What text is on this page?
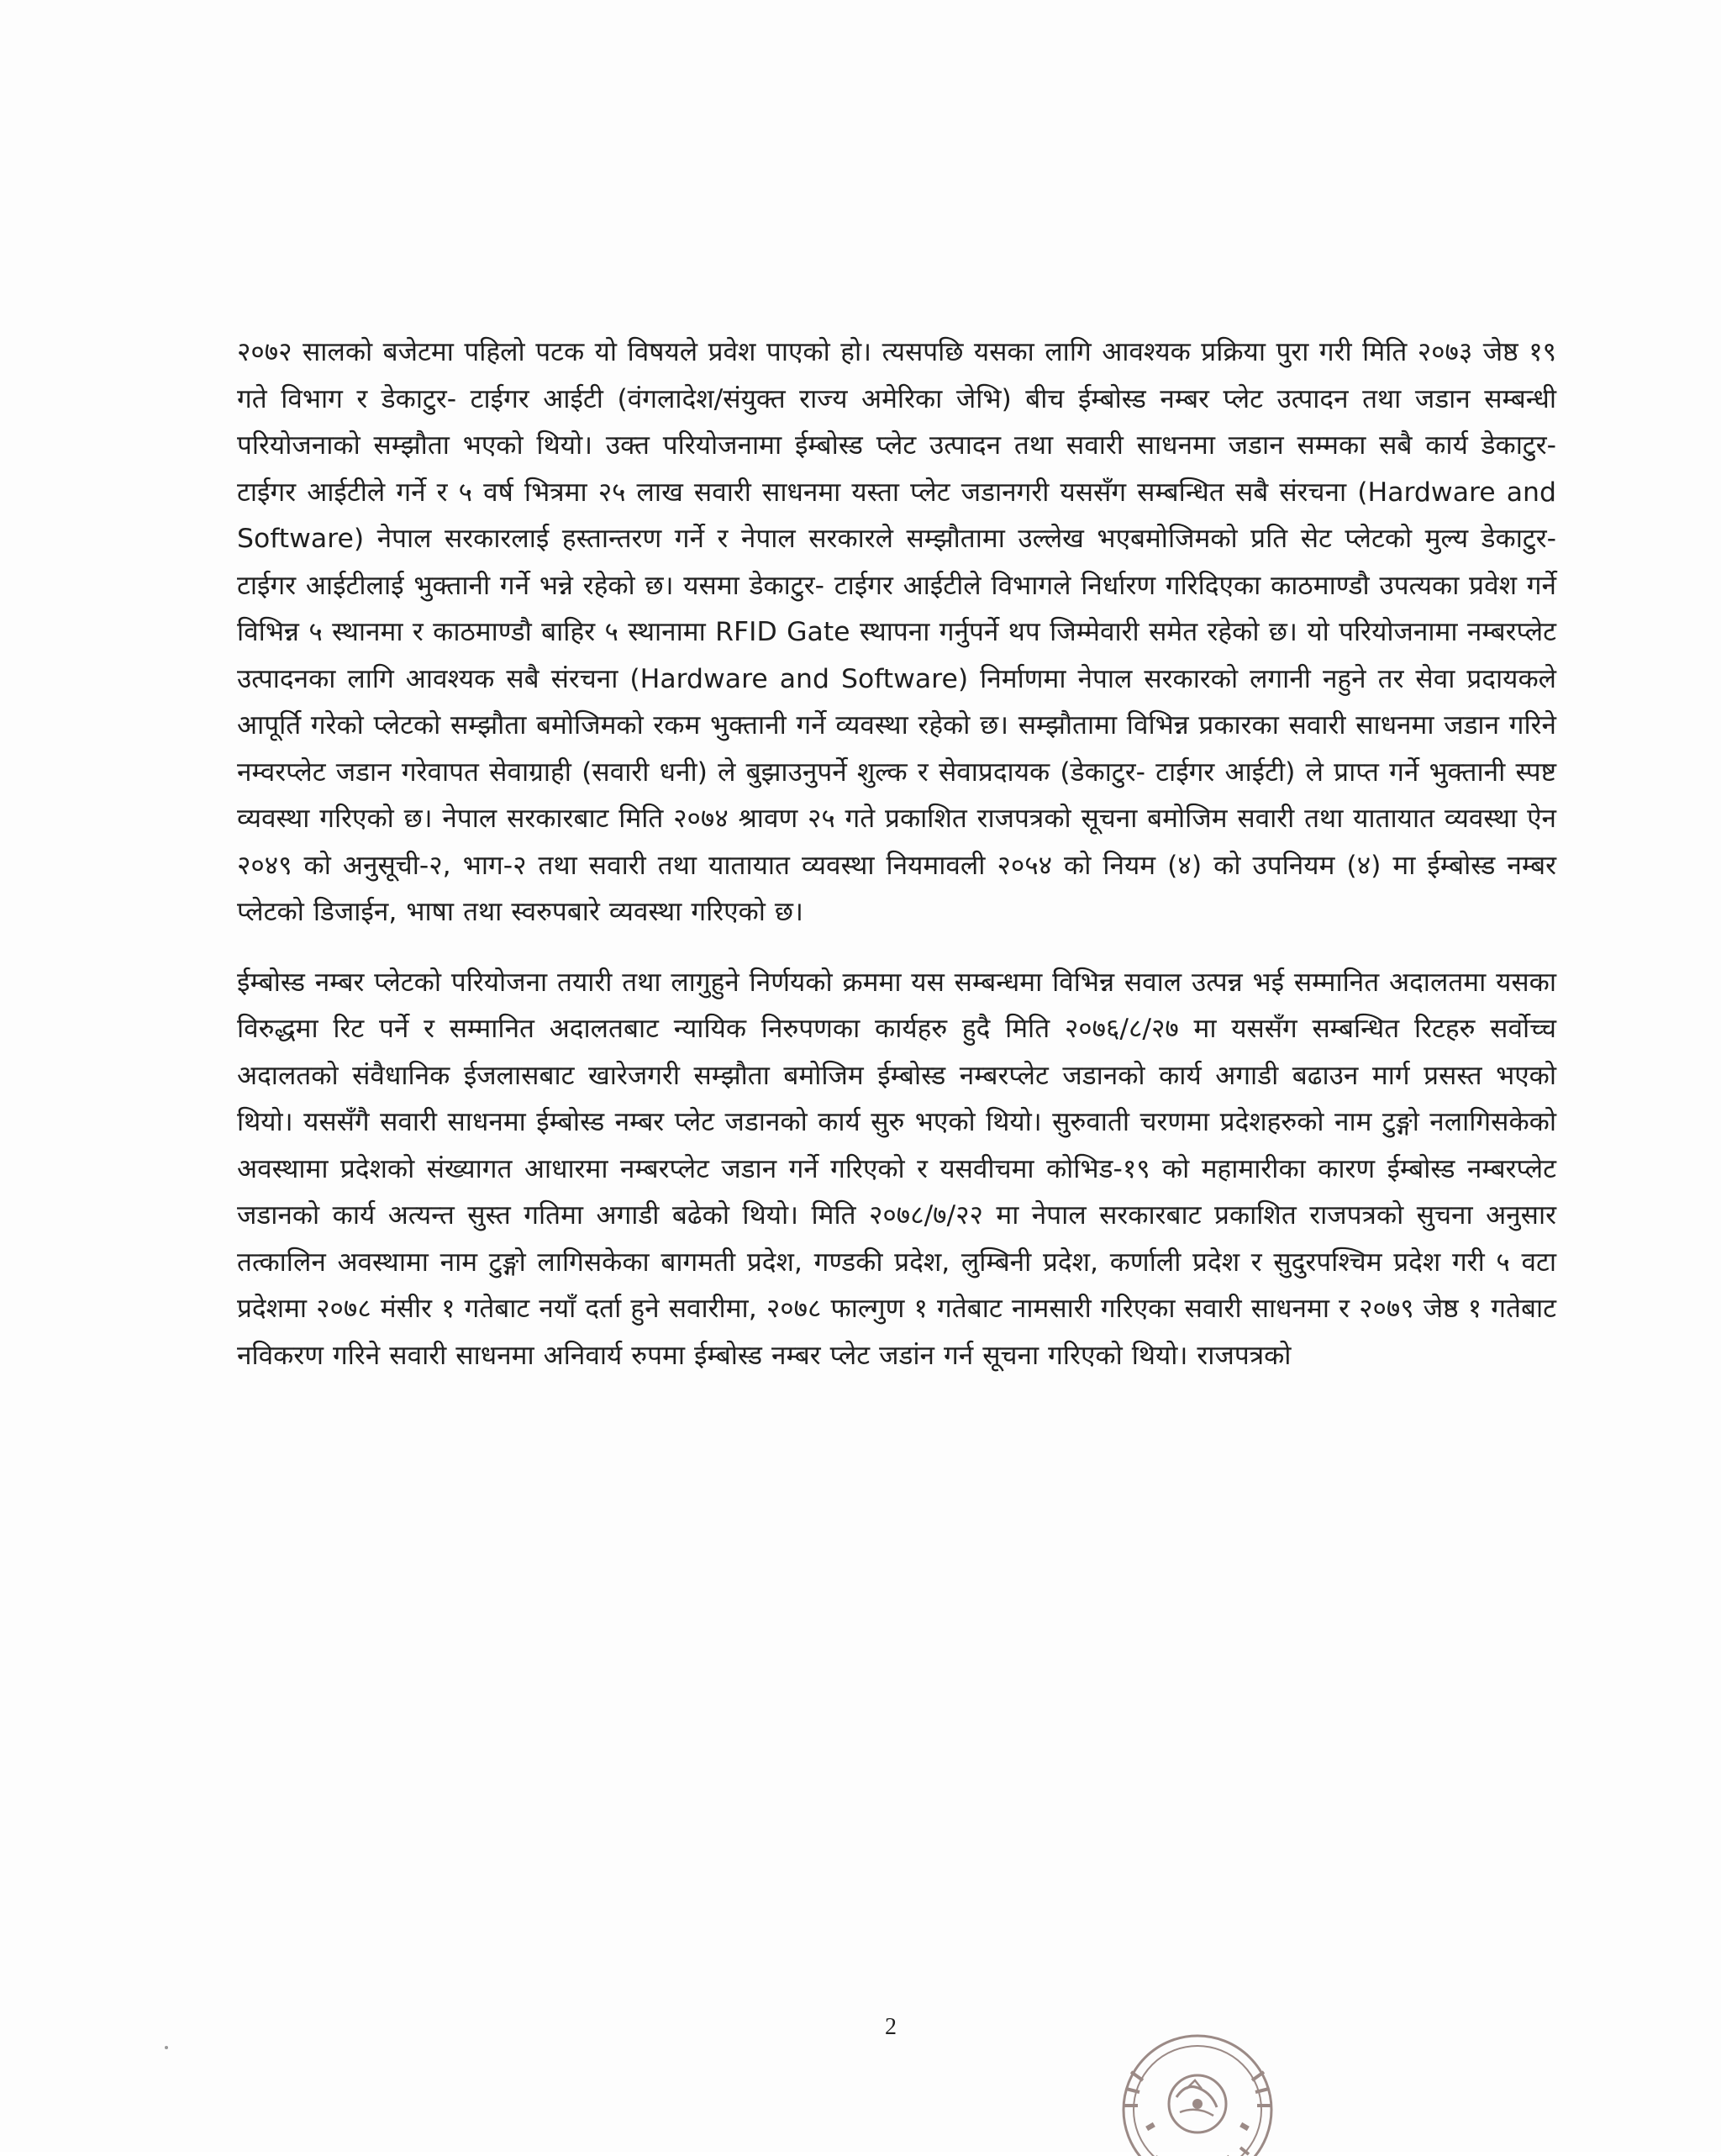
२०७२ सालको बजेटमा पहिलो पटक यो विषयले प्रवेश पाएको हो। त्यसपछि यसका लागि आवश्यक प्रक्रिया पुरा गरी मिति २०७३ जेष्ठ १९ गते विभाग र डेकाटुर- टाईगर आईटी (वंगलादेश/संयुक्त राज्य अमेरिका जेभि) बीच ईम्बोस्ड नम्बर प्लेट उत्पादन तथा जडान सम्बन्धी परियोजनाको सम्झौता भएको थियो। उक्त परियोजनामा ईम्बोस्ड प्लेट उत्पादन तथा सवारी साधनमा जडान सम्मका सबै कार्य डेकाटुर- टाईगर आईटीले गर्ने र ५ वर्ष भित्रमा २५ लाख सवारी साधनमा यस्ता प्लेट जडानगरी यससँग सम्बन्धित सबै संरचना (Hardware and Software) नेपाल सरकारलाई हस्तान्तरण गर्ने र नेपाल सरकारले सम्झौतामा उल्लेख भएबमोजिमको प्रति सेट प्लेटको मुल्य डेकाटुर- टाईगर आईटीलाई भुक्तानी गर्ने भन्ने रहेको छ। यसमा डेकाटुर- टाईगर आईटीले विभागले निर्धारण गरिदिएका काठमाण्डौ उपत्यका प्रवेश गर्ने विभिन्न ५ स्थानमा र काठमाण्डौ बाहिर ५ स्थानामा RFID Gate स्थापना गर्नुपर्ने थप जिम्मेवारी समेत रहेको छ। यो परियोजनामा नम्बरप्लेट उत्पादनका लागि आवश्यक सबै संरचना (Hardware and Software) निर्माणमा नेपाल सरकारको लगानी नहुने तर सेवा प्रदायकले आपूर्ति गरेको प्लेटको सम्झौता बमोजिमको रकम भुक्तानी गर्ने व्यवस्था रहेको छ। सम्झौतामा विभिन्न प्रकारका सवारी साधनमा जडान गरिने नम्वरप्लेट जडान गरेवापत सेवाग्राही (सवारी धनी) ले बुझाउनुपर्ने शुल्क र सेवाप्रदायक (डेकाटुर- टाईगर आईटी) ले प्राप्त गर्ने भुक्तानी स्पष्ट व्यवस्था गरिएको छ। नेपाल सरकारबाट मिति २०७४ श्रावण २५ गते प्रकाशित राजपत्रको सूचना बमोजिम सवारी तथा यातायात व्यवस्था ऐन २०४९ को अनुसूची-२, भाग-२ तथा सवारी तथा यातायात व्यवस्था नियमावली २०५४ को नियम (४) को उपनियम (४) मा ईम्बोस्ड नम्बर प्लेटको डिजाईन, भाषा तथा स्वरुपबारे व्यवस्था गरिएको छ।

ईम्बोस्ड नम्बर प्लेटको परियोजना तयारी तथा लागुहुने निर्णयको क्रममा यस सम्बन्धमा विभिन्न सवाल उत्पन्न भई सम्मानित अदालतमा यसका विरुद्धमा रिट पर्ने र सम्मानित अदालतबाट न्यायिक निरुपणका कार्यहरु हुदै मिति २०७६/८/२७ मा यससँग सम्बन्धित रिटहरु सर्वोच्च अदालतको संवैधानिक ईजलासबाट खारेजगरी सम्झौता बमोजिम ईम्बोस्ड नम्बरप्लेट जडानको कार्य अगाडी बढाउन मार्ग प्रसस्त भएको थियो। यससँगै सवारी साधनमा ईम्बोस्ड नम्बर प्लेट जडानको कार्य सुरु भएको थियो। सुरुवाती चरणमा प्रदेशहरुको नाम टुङ्गो नलागिसकेको अवस्थामा प्रदेशको संख्यागत आधारमा नम्बरप्लेट जडान गर्ने गरिएको र यसवीचमा कोभिड-१९ को महामारीका कारण ईम्बोस्ड नम्बरप्लेट जडानको कार्य अत्यन्त सुस्त गतिमा अगाडी बढेको थियो। मिति २०७८/७/२२ मा नेपाल सरकारबाट प्रकाशित राजपत्रको सुचना अनुसार तत्कालिन अवस्थामा नाम टुङ्गो लागिसकेका बागमती प्रदेश, गण्डकी प्रदेश, लुम्बिनी प्रदेश, कर्णाली प्रदेश र सुदुरपश्चिम प्रदेश गरी ५ वटा प्रदेशमा २०७८ मंसीर १ गतेबाट नयाँ दर्ता हुने सवारीमा, २०७८ फाल्गुण १ गतेबाट नामसारी गरिएका सवारी साधनमा र २०७९ जेष्ठ १ गतेबाट नविकरण गरिने सवारी साधनमा अनिवार्य रुपमा ईम्बोस्ड नम्बर प्लेट जडांन गर्न सूचना गरिएको थियो। राजपत्रको

2
